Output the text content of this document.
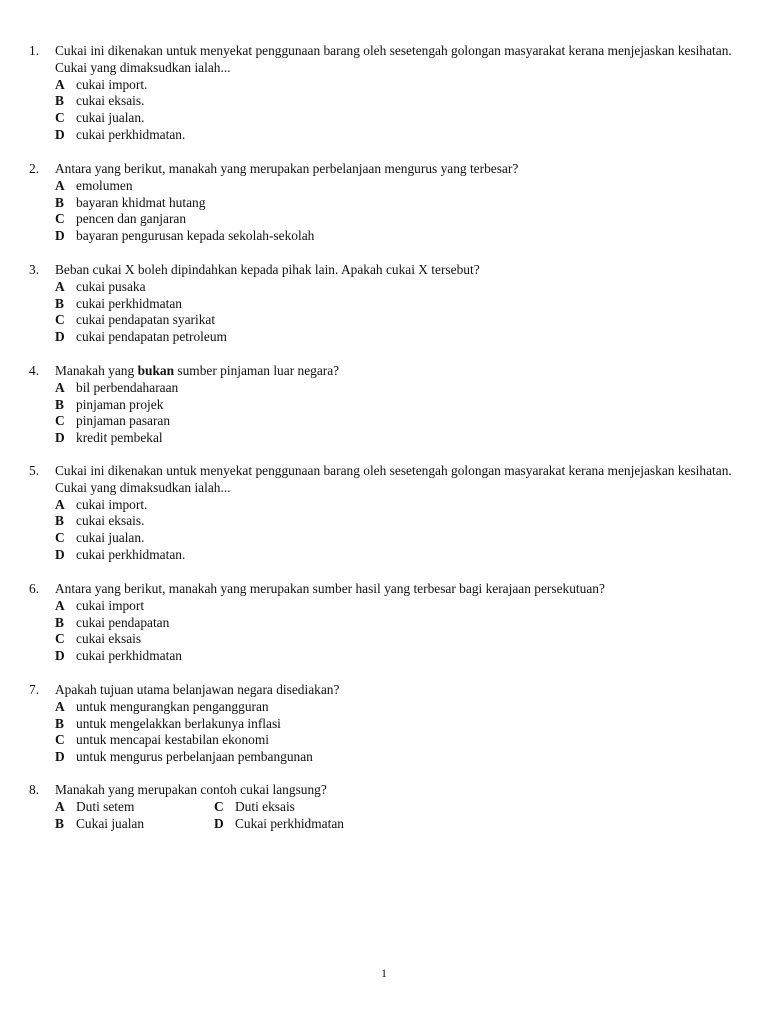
1.	Cukai ini dikenakan untuk menyekat penggunaan barang oleh sesetengah golongan masyarakat kerana menjejaskan kesihatan. Cukai yang dimaksudkan ialah...
A cukai import.
B cukai eksais.
C cukai jualan.
D cukai perkhidmatan.
2.	Antara yang berikut, manakah yang merupakan perbelanjaan mengurus yang terbesar?
A emolumen
B bayaran khidmat hutang
C pencen dan ganjaran
D bayaran pengurusan kepada sekolah-sekolah
3.	Beban cukai X boleh dipindahkan kepada pihak lain. Apakah cukai X tersebut?
A cukai pusaka
B cukai perkhidmatan
C cukai pendapatan syarikat
D cukai pendapatan petroleum
4.	Manakah yang bukan sumber pinjaman luar negara?
A bil perbendaharaan
B pinjaman projek
C pinjaman pasaran
D kredit pembekal
5.	Cukai ini dikenakan untuk menyekat penggunaan barang oleh sesetengah golongan masyarakat kerana menjejaskan kesihatan. Cukai yang dimaksudkan ialah...
A cukai import.
B cukai eksais.
C cukai jualan.
D cukai perkhidmatan.
6.	Antara yang berikut, manakah yang merupakan sumber hasil yang terbesar bagi kerajaan persekutuan?
A cukai import
B cukai pendapatan
C cukai eksais
D cukai perkhidmatan
7.	Apakah tujuan utama belanjawan negara disediakan?
A untuk mengurangkan pengangguran
B untuk mengelakkan berlakunya inflasi
C untuk mencapai kestabilan ekonomi
D untuk mengurus perbelanjaan pembangunan
8.	Manakah yang merupakan contoh cukai langsung?
A Duti setem	C Duti eksais
B Cukai jualan	D Cukai perkhidmatan
1
